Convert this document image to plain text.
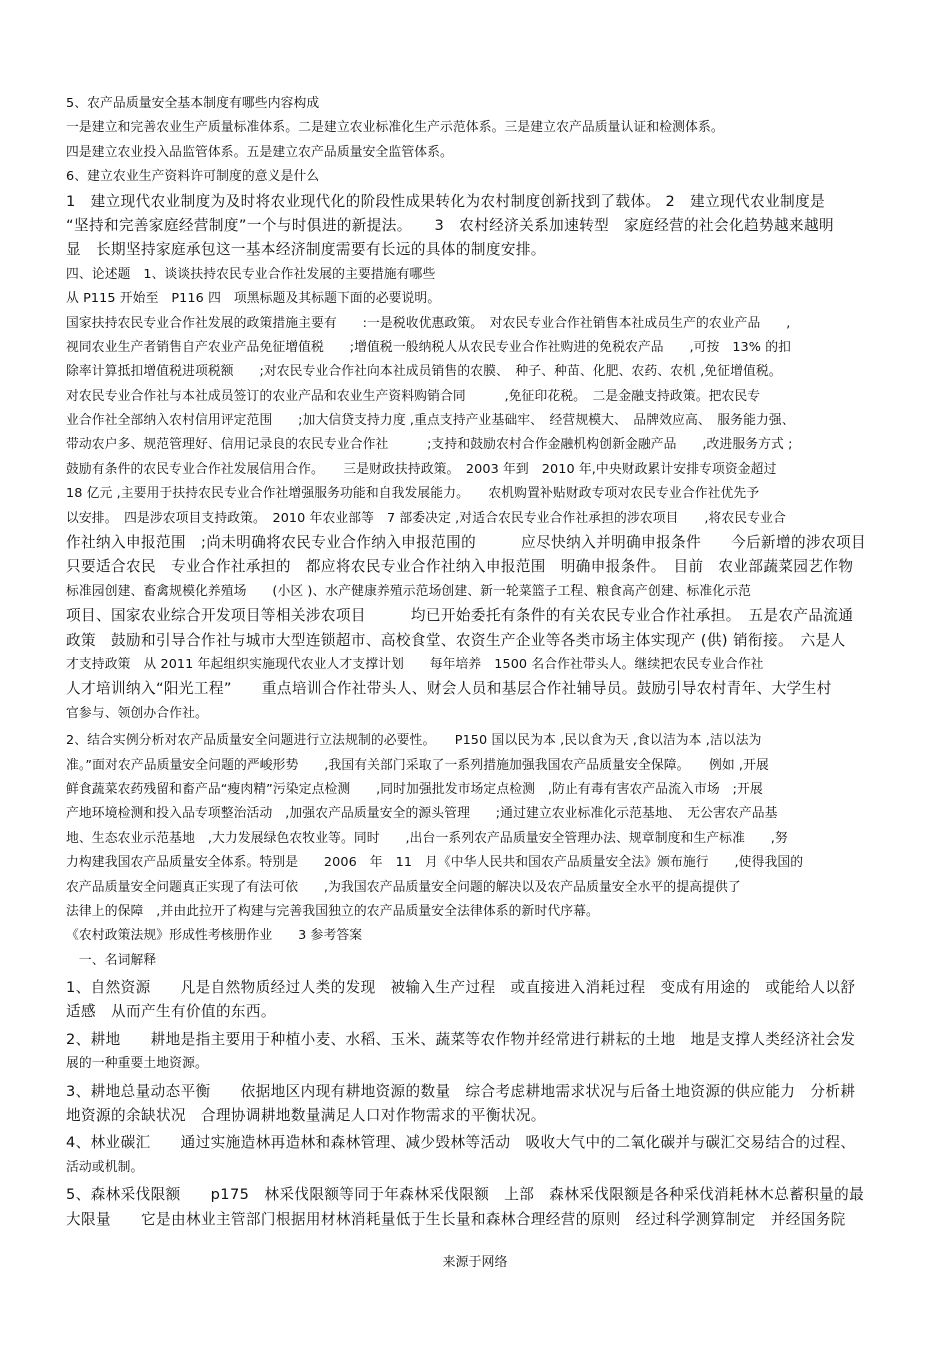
5、农产品质量安全基本制度有哪些内容构成
一是建立和完善农业生产质量标准体系。二是建立农业标准化生产示范体系。三是建立农产品质量认证和检测体系。
四是建立农业投入品监管体系。五是建立农产品质量安全监管体系。
6、建立农业生产资料许可制度的意义是什么
1　建立现代农业制度为及时将农业现代化的阶段性成果转化为农村制度创新找到了载体。 2　建立现代农业制度是
“坚持和完善家庭经营制度”一个与时俱进的新提法。　　3　农村经济关系加速转型　家庭经营的社会化趋势越来越明
显　长期坚持家庭承包这一基本经济制度需要有长远的具体的制度安排。
四、论述题　1、谈谈扶持农民专业合作社发展的主要措施有哪些
从 P115 开始至　P116 四　项黑标题及其标题下面的必要说明。
国家扶持农民专业合作社发展的政策措施主要有　　:一是税收优惠政策。　对农民专业合作社销售本社成员生产的农业产品　　,
视同农业生产者销售自产农业产品免征增值税　　;增值税一般纳税人从农民专业合作社购进的免税农产品　　,可按　13% 的扣
除率计算抵扣增值税进项税额　　;对农民专业合作社向本社成员销售的农膜、　种子、种苗、化肥、农药、农机 ,免征增值税。
对农民专业合作社与本社成员签订的农业产品和农业生产资料购销合同　　　,免征印花税。　二是金融支持政策。把农民专
业合作社全部纳入农村信用评定范围　　;加大信贷支持力度 ,重点支持产业基础牢、　经营规模大、　品牌效应高、　服务能力强、
带动农户多、规范管理好、信用记录良的农民专业合作社　　　;支持和鼓励农村合作金融机构创新金融产品　　,改进服务方式 ;
鼓励有条件的农民专业合作社发展信用合作。　　三是财政扶持政策。　2003 年到　2010 年,中央财政累计安排专项资金超过
18 亿元 ,主要用于扶持农民专业合作社增强服务功能和自我发展能力。　　农机购置补贴财政专项对农民专业合作社优先予
以安排。　四是涉农项目支持政策。　2010 年农业部等　7 部委决定 ,对适合农民专业合作社承担的涉农项目　　,将农民专业合
作社纳入申报范围　;尚未明确将农民专业合作纳入申报范围的　　　应尽快纳入并明确申报条件　　今后新增的涉农项目
只要适合农民　专业合作社承担的　都应将农民专业合作社纳入申报范围　明确申报条件。　目前　农业部蔬菜园艺作物
标准园创建、畜禽规模化养殖场　　(小区 )、水产健康养殖示范场创建、新一轮菜篮子工程、粮食高产创建、标准化示范
项目、国家农业综合开发项目等相关涉农项目　　　均已开始委托有条件的有关农民专业合作社承担。　五是农产品流通
政策　鼓励和引导合作社与城市大型连锁超市、高校食堂、农资生产企业等各类市场主体实现产 (供) 销衔接。　六是人
才支持政策　从 2011 年起组织实施现代农业人才支撑计划　　每年培养　1500 名合作社带头人。继续把农民专业合作社
人才培训纳入“阳光工程”　　重点培训合作社带头人、财会人员和基层合作社辅导员。鼓励引导农村青年、大学生村
官参与、领创办合作社。
2、结合实例分析对农产品质量安全问题进行立法规制的必要性。　　P150 国以民为本 ,民以食为天 ,食以洁为本 ,洁以法为
准。”面对农产品质量安全问题的严峻形势　　,我国有关部门采取了一系列措施加强我国农产品质量安全保障。　　例如 ,开展
鲜食蔬菜农药残留和畜产品“瘦肉精”污染定点检测　　,同时加强批发市场定点检测　,防止有毒有害农产品流入市场　;开展
产地环境检测和投入品专项整治活动　,加强农产品质量安全的源头管理　　;通过建立农业标准化示范基地、　无公害农产品基
地、生态农业示范基地　,大力发展绿色农牧业等。同时　　,出台一系列农产品质量安全管理办法、规章制度和生产标准　　,努
力构建我国农产品质量安全体系。特别是　　2006　年　11　月《中华人民共和国农产品质量安全法》颁布施行　　,使得我国的
农产品质量安全问题真正实现了有法可依　　,为我国农产品质量安全问题的解决以及农产品质量安全水平的提高提供了
法律上的保障　,并由此拉开了构建与完善我国独立的农产品质量安全法律体系的新时代序幕。
《农村政策法规》形成性考核册作业　　3 参考答案
　一、名词解释
1、自然资源　　凡是自然物质经过人类的发现　被输入生产过程　或直接进入消耗过程　变成有用途的　或能给人以舒
适感　从而产生有价值的东西。
2、耕地　　耕地是指主要用于种植小麦、水稻、玉米、蔬菜等农作物并经常进行耕耘的土地　地是支撑人类经济社会发
展的一种重要土地资源。
3、耕地总量动态平衡　　依据地区内现有耕地资源的数量　综合考虑耕地需求状况与后备土地资源的供应能力　分析耕
地资源的余缺状况　合理协调耕地数量满足人口对作物需求的平衡状况。
4、林业碳汇　　通过实施造林再造林和森林管理、减少毁林等活动　吸收大气中的二氧化碳并与碳汇交易结合的过程、
活动或机制。
5、森林采伐限额　　p175　林采伐限额等同于年森林采伐限额　上部　森林采伐限额是各种采伐消耗林木总蓄积量的最
大限量　　它是由林业主管部门根据用材林消耗量低于生长量和森林合理经营的原则　经过科学测算制定　并经国务院
来源于网络
